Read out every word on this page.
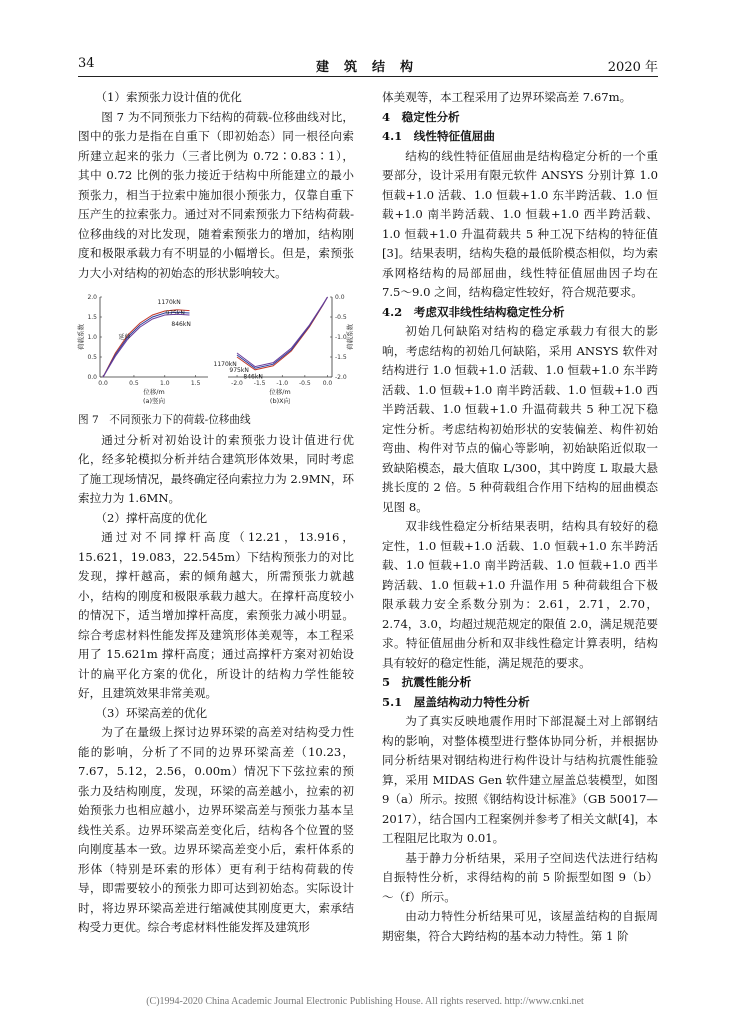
34	建　筑　结　构	2020 年

（1）索预张力设计值的优化

图 7 为不同预张力下结构的荷载-位移曲线对比，图中的张力是指在自重下（即初始态）同一根径向索所建立起来的张力（三者比例为 0.72∶0.83∶1），其中 0.72 比例的张力接近于结构中所能建立的最小预张力，相当于拉索中施加很小预张力，仅靠自重下压产生的拉索张力。通过对不同索预张力下结构荷载-位移曲线的对比发现，随着索预张力的增加，结构刚度和极限承载力有不明显的小幅增长。但是，索预张力大小对结构的初始态的形状影响较大。

0.0	0.5	1.0	1.5
0.0
0.5
1.0
1.5
2.0
位移/m
荷载系数
(a)竖向
1170kN
975kN
846kN
延伸
-2.0 -1.5 -1.0 -0.5 0.0
-2.0
-1.5
-1.0
-0.5
0.0
位移/m
荷载系数
(b)X向
1170kN
975kN
846kN

图 7　不同预张力下的荷载-位移曲线

通过分析对初始设计的索预张力设计值进行优化，经多轮模拟分析并结合建筑形体效果，同时考虑了施工现场情况，最终确定径向索拉力为 2.9MN，环索拉力为 1.6MN。

（2）撑杆高度的优化

通过对不同撑杆高度（12.21，13.916，15.621，19.083，22.545m）下结构预张力的对比发现，撑杆越高，索的倾角越大，所需预张力就越小，结构的刚度和极限承载力越大。在撑杆高度较小的情况下，适当增加撑杆高度，索预张力减小明显。综合考虑材料性能发挥及建筑形体美观等，本工程采用了 15.621m 撑杆高度；通过高撑杆方案对初始设计的扁平化方案的优化，所设计的结构力学性能较好，且建筑效果非常美观。

（3）环梁高差的优化

为了在量级上探讨边界环梁的高差对结构受力性能的影响，分析了不同的边界环梁高差（10.23，7.67，5.12，2.56，0.00m）情况下下弦拉索的预张力及结构刚度，发现，环梁的高差越小，拉索的初始预张力也相应越小，边界环梁高差与预张力基本呈线性关系。边界环梁高差变化后，结构各个位置的竖向刚度基本一致。边界环梁高差变小后，索杆体系的形体（特别是环索的形体）更有利于结构荷载的传导，即需要较小的预张力即可达到初始态。实际设计时，将边界环梁高差进行缩减使其刚度更大，索承结构受力更优。综合考虑材料性能发挥及建筑形

体美观等，本工程采用了边界环梁高差 7.67m。

4　稳定性分析

4.1　线性特征值屈曲

结构的线性特征值屈曲是结构稳定分析的一个重要部分，设计采用有限元软件 ANSYS 分别计算 1.0 恒载+1.0 活载、1.0 恒载+1.0 东半跨活载、1.0 恒载+1.0 南半跨活载、1.0 恒载+1.0 西半跨活载、1.0 恒载+1.0 升温荷载共 5 种工况下结构的特征值[3]。结果表明，结构失稳的最低阶模态相似，均为索承网格结构的局部屈曲，线性特征值屈曲因子均在 7.5～9.0 之间，结构稳定性较好，符合规范要求。

4.2　考虑双非线性结构稳定性分析

初始几何缺陷对结构的稳定承载力有很大的影响，考虑结构的初始几何缺陷，采用 ANSYS 软件对结构进行 1.0 恒载+1.0 活载、1.0 恒载+1.0 东半跨活载、1.0 恒载+1.0 南半跨活载、1.0 恒载+1.0 西半跨活载、1.0 恒载+1.0 升温荷载共 5 种工况下稳定性分析。考虑结构初始形状的安装偏差、构件初始弯曲、构件对节点的偏心等影响，初始缺陷近似取一致缺陷模态，最大值取 L/300，其中跨度 L 取最大悬挑长度的 2 倍。5 种荷载组合作用下结构的屈曲模态见图 8。

双非线性稳定分析结果表明，结构具有较好的稳定性，1.0 恒载+1.0 活载、1.0 恒载+1.0 东半跨活载、1.0 恒载+1.0 南半跨活载、1.0 恒载+1.0 西半跨活载、1.0 恒载+1.0 升温作用 5 种荷载组合下极限承载力安全系数分别为：2.61，2.71，2.70，2.74，3.0，均超过规范规定的限值 2.0，满足规范要求。特征值屈曲分析和双非线性稳定计算表明，结构具有较好的稳定性能，满足规范的要求。

5　抗震性能分析

5.1　屋盖结构动力特性分析

为了真实反映地震作用时下部混凝土对上部钢结构的影响，对整体模型进行整体协同分析，并根据协同分析结果对钢结构进行构件设计与结构抗震性能验算，采用 MIDAS Gen 软件建立屋盖总装模型，如图 9（a）所示。按照《钢结构设计标准》（GB 50017—2017），结合国内工程案例并参考了相关文献[4]，本工程阻尼比取为 0.01。

基于静力分析结果，采用子空间迭代法进行结构自振特性分析，求得结构的前 5 阶振型如图 9（b）～（f）所示。

由动力特性分析结果可见，该屋盖结构的自振周期密集，符合大跨结构的基本动力特性。第 1 阶

(C)1994-2020 China Academic Journal Electronic Publishing House. All rights reserved. http://www.cnki.net
